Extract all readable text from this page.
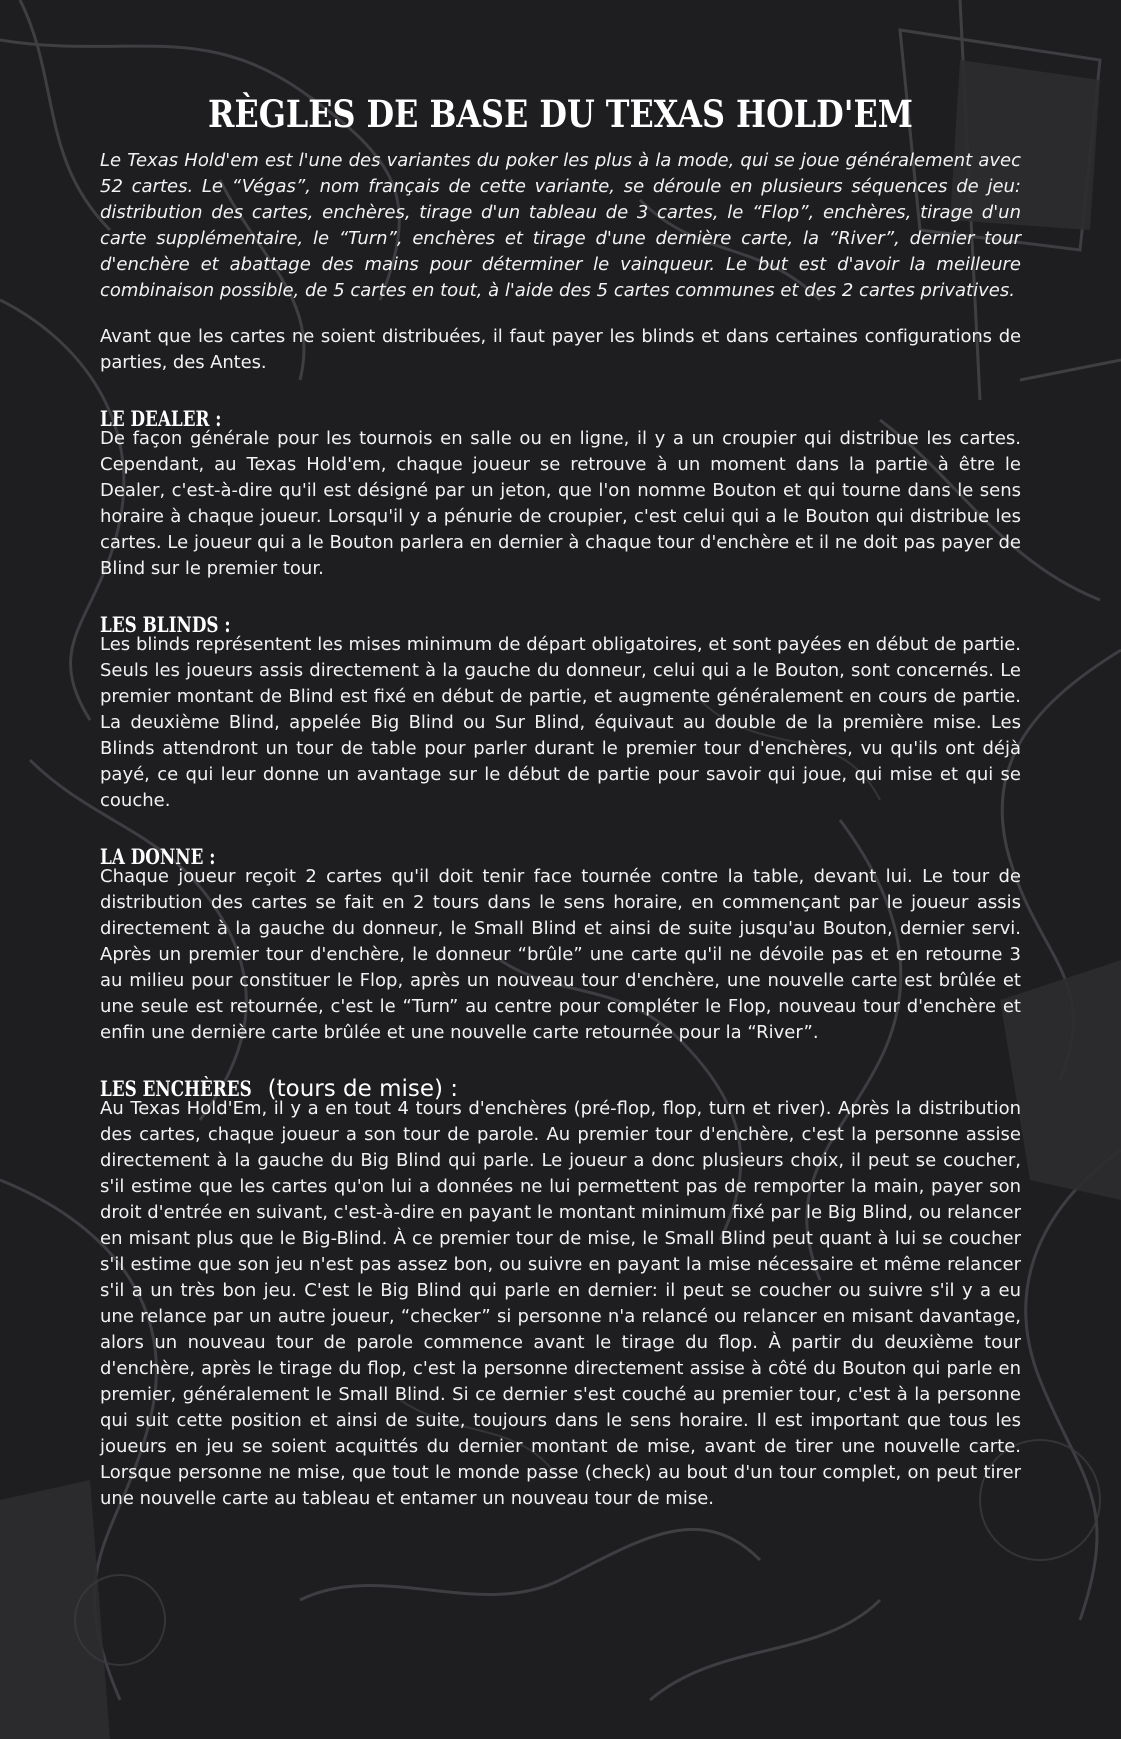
RÈGLES DE BASE DU TEXAS HOLD'EM

Le Texas Hold'em est l'une des variantes du poker les plus à la mode, qui se joue généralement avec 52 cartes. Le “Végas”, nom français de cette variante, se déroule en plusieurs séquences de jeu: distribution des cartes, enchères, tirage d'un tableau de 3 cartes, le “Flop”, enchères, tirage d'un carte supplémentaire, le “Turn”, enchères et tirage d'une dernière carte, la “River”, dernier tour d'enchère et abattage des mains pour déterminer le vainqueur. Le but est d'avoir la meilleure combinaison possible, de 5 cartes en tout, à l'aide des 5 cartes communes et des 2 cartes privatives.

Avant que les cartes ne soient distribuées, il faut payer les blinds et dans certaines configurations de parties, des Antes.

LE DEALER :

De façon générale pour les tournois en salle ou en ligne, il y a un croupier qui distribue les cartes. Cependant, au Texas Hold'em, chaque joueur se retrouve à un moment dans la partie à être le Dealer, c'est-à-dire qu'il est désigné par un jeton, que l'on nomme Bouton et qui tourne dans le sens horaire à chaque joueur. Lorsqu'il y a pénurie de croupier, c'est celui qui a le Bouton qui distribue les cartes. Le joueur qui a le Bouton parlera en dernier à chaque tour d'enchère et il ne doit pas payer de Blind sur le premier tour.

LES BLINDS :

Les blinds représentent les mises minimum de départ obligatoires, et sont payées en début de partie. Seuls les joueurs assis directement à la gauche du donneur, celui qui a le Bouton, sont concernés. Le premier montant de Blind est fixé en début de partie, et augmente généralement en cours de partie. La deuxième Blind, appelée Big Blind ou Sur Blind, équivaut au double de la première mise. Les Blinds attendront un tour de table pour parler durant le premier tour d'enchères, vu qu'ils ont déjà payé, ce qui leur donne un avantage sur le début de partie pour savoir qui joue, qui mise et qui se couche.

LA DONNE :

Chaque joueur reçoit 2 cartes qu'il doit tenir face tournée contre la table, devant lui. Le tour de distribution des cartes se fait en 2 tours dans le sens horaire, en commençant par le joueur assis directement à la gauche du donneur, le Small Blind et ainsi de suite jusqu'au Bouton, dernier servi. Après un premier tour d'enchère, le donneur “brûle” une carte qu'il ne dévoile pas et en retourne 3 au milieu pour constituer le Flop, après un nouveau tour d'enchère, une nouvelle carte est brûlée et une seule est retournée, c'est le “Turn” au centre pour compléter le Flop, nouveau tour d'enchère et enfin une dernière carte brûlée et une nouvelle carte retournée pour la “River”.

LES ENCHÈRES (tours de mise) :

Au Texas Hold'Em, il y a en tout 4 tours d'enchères (pré-flop, flop, turn et river). Après la distribution des cartes, chaque joueur a son tour de parole. Au premier tour d'enchère, c'est la personne assise directement à la gauche du Big Blind qui parle. Le joueur a donc plusieurs choix, il peut se coucher, s'il estime que les cartes qu'on lui a données ne lui permettent pas de remporter la main, payer son droit d'entrée en suivant, c'est-à-dire en payant le montant minimum fixé par le Big Blind, ou relancer en misant plus que le Big-Blind. À ce premier tour de mise, le Small Blind peut quant à lui se coucher s'il estime que son jeu n'est pas assez bon, ou suivre en payant la mise nécessaire et même relancer s'il a un très bon jeu. C'est le Big Blind qui parle en dernier: il peut se coucher ou suivre s'il y a eu une relance par un autre joueur, “checker” si personne n'a relancé ou relancer en misant davantage, alors un nouveau tour de parole commence avant le tirage du flop. À partir du deuxième tour d'enchère, après le tirage du flop, c'est la personne directement assise à côté du Bouton qui parle en premier, généralement le Small Blind. Si ce dernier s'est couché au premier tour, c'est à la personne qui suit cette position et ainsi de suite, toujours dans le sens horaire. Il est important que tous les joueurs en jeu se soient acquittés du dernier montant de mise, avant de tirer une nouvelle carte. Lorsque personne ne mise, que tout le monde passe (check) au bout d'un tour complet, on peut tirer une nouvelle carte au tableau et entamer un nouveau tour de mise.
